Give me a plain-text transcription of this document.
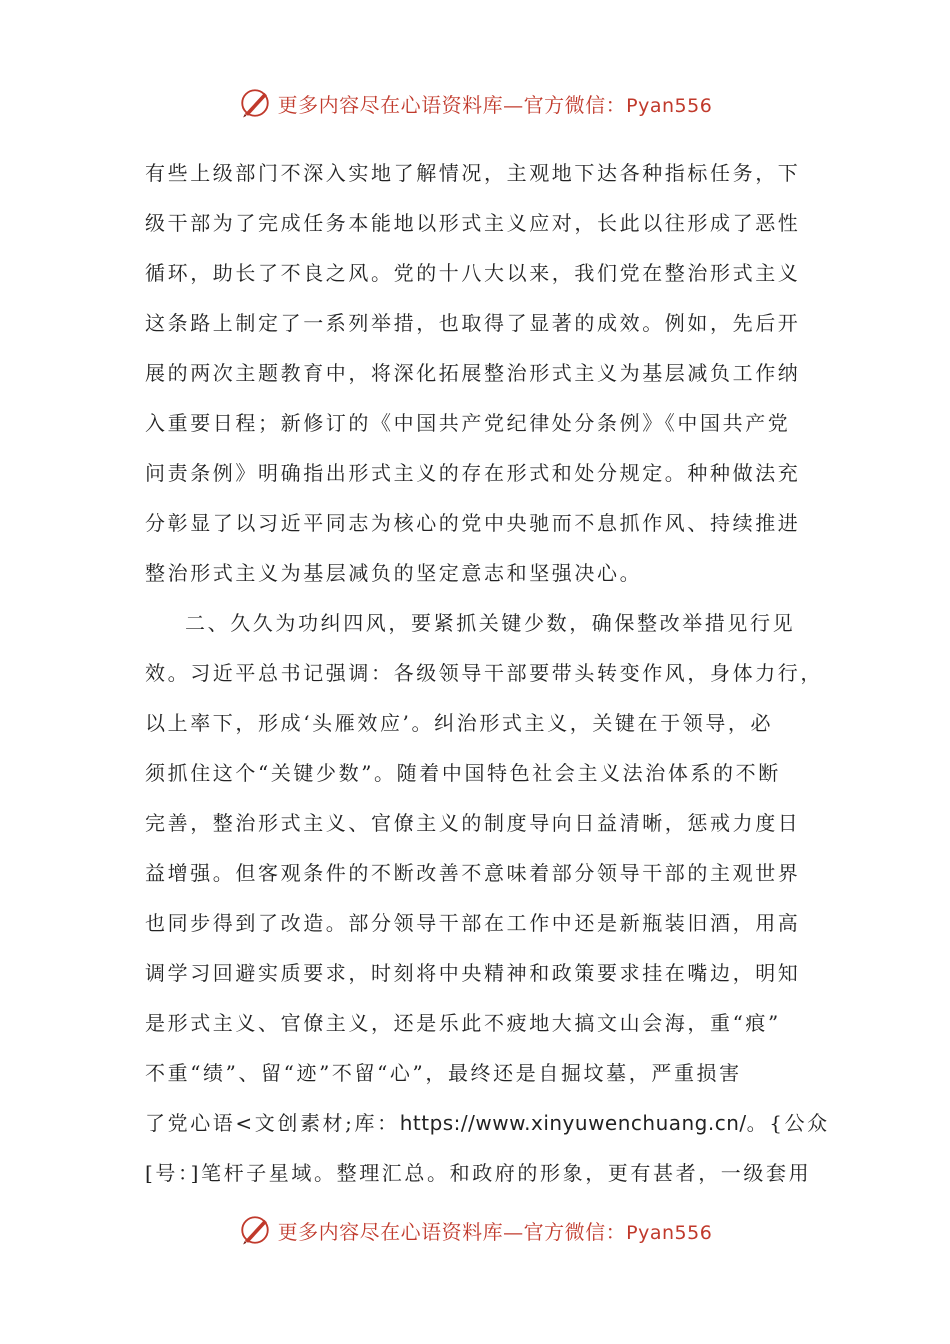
更多内容尽在心语资料库—官方微信：Pyan556

有些上级部门不深入实地了解情况，主观地下达各种指标任务，下
级干部为了完成任务本能地以形式主义应对，长此以往形成了恶性
循环，助长了不良之风。党的十八大以来，我们党在整治形式主义
这条路上制定了一系列举措，也取得了显著的成效。例如，先后开
展的两次主题教育中，将深化拓展整治形式主义为基层减负工作纳
入重要日程；新修订的《中国共产党纪律处分条例》《中国共产党
问责条例》明确指出形式主义的存在形式和处分规定。种种做法充
分彰显了以习近平同志为核心的党中央驰而不息抓作风、持续推进
整治形式主义为基层减负的坚定意志和坚强决心。

二、久久为功纠四风，要紧抓关键少数，确保整改举措见行见
效。习近平总书记强调：各级领导干部要带头转变作风，身体力行，
以上率下，形成‘头雁效应’。纠治形式主义，关键在于领导，必
须抓住这个“关键少数”。随着中国特色社会主义法治体系的不断
完善，整治形式主义、官僚主义的制度导向日益清晰，惩戒力度日
益增强。但客观条件的不断改善不意味着部分领导干部的主观世界
也同步得到了改造。部分领导干部在工作中还是新瓶装旧酒，用高
调学习回避实质要求，时刻将中央精神和政策要求挂在嘴边，明知
是形式主义、官僚主义，还是乐此不疲地大搞文山会海，重“痕”
不重“绩”、留“迹”不留“心”，最终还是自掘坟墓，严重损害
了党心语<文创素材;库：https://www.xinyuwenchuang.cn/。{公众
[号：]笔杆子星域。整理汇总。和政府的形象，更有甚者，一级套用

更多内容尽在心语资料库—官方微信：Pyan556
